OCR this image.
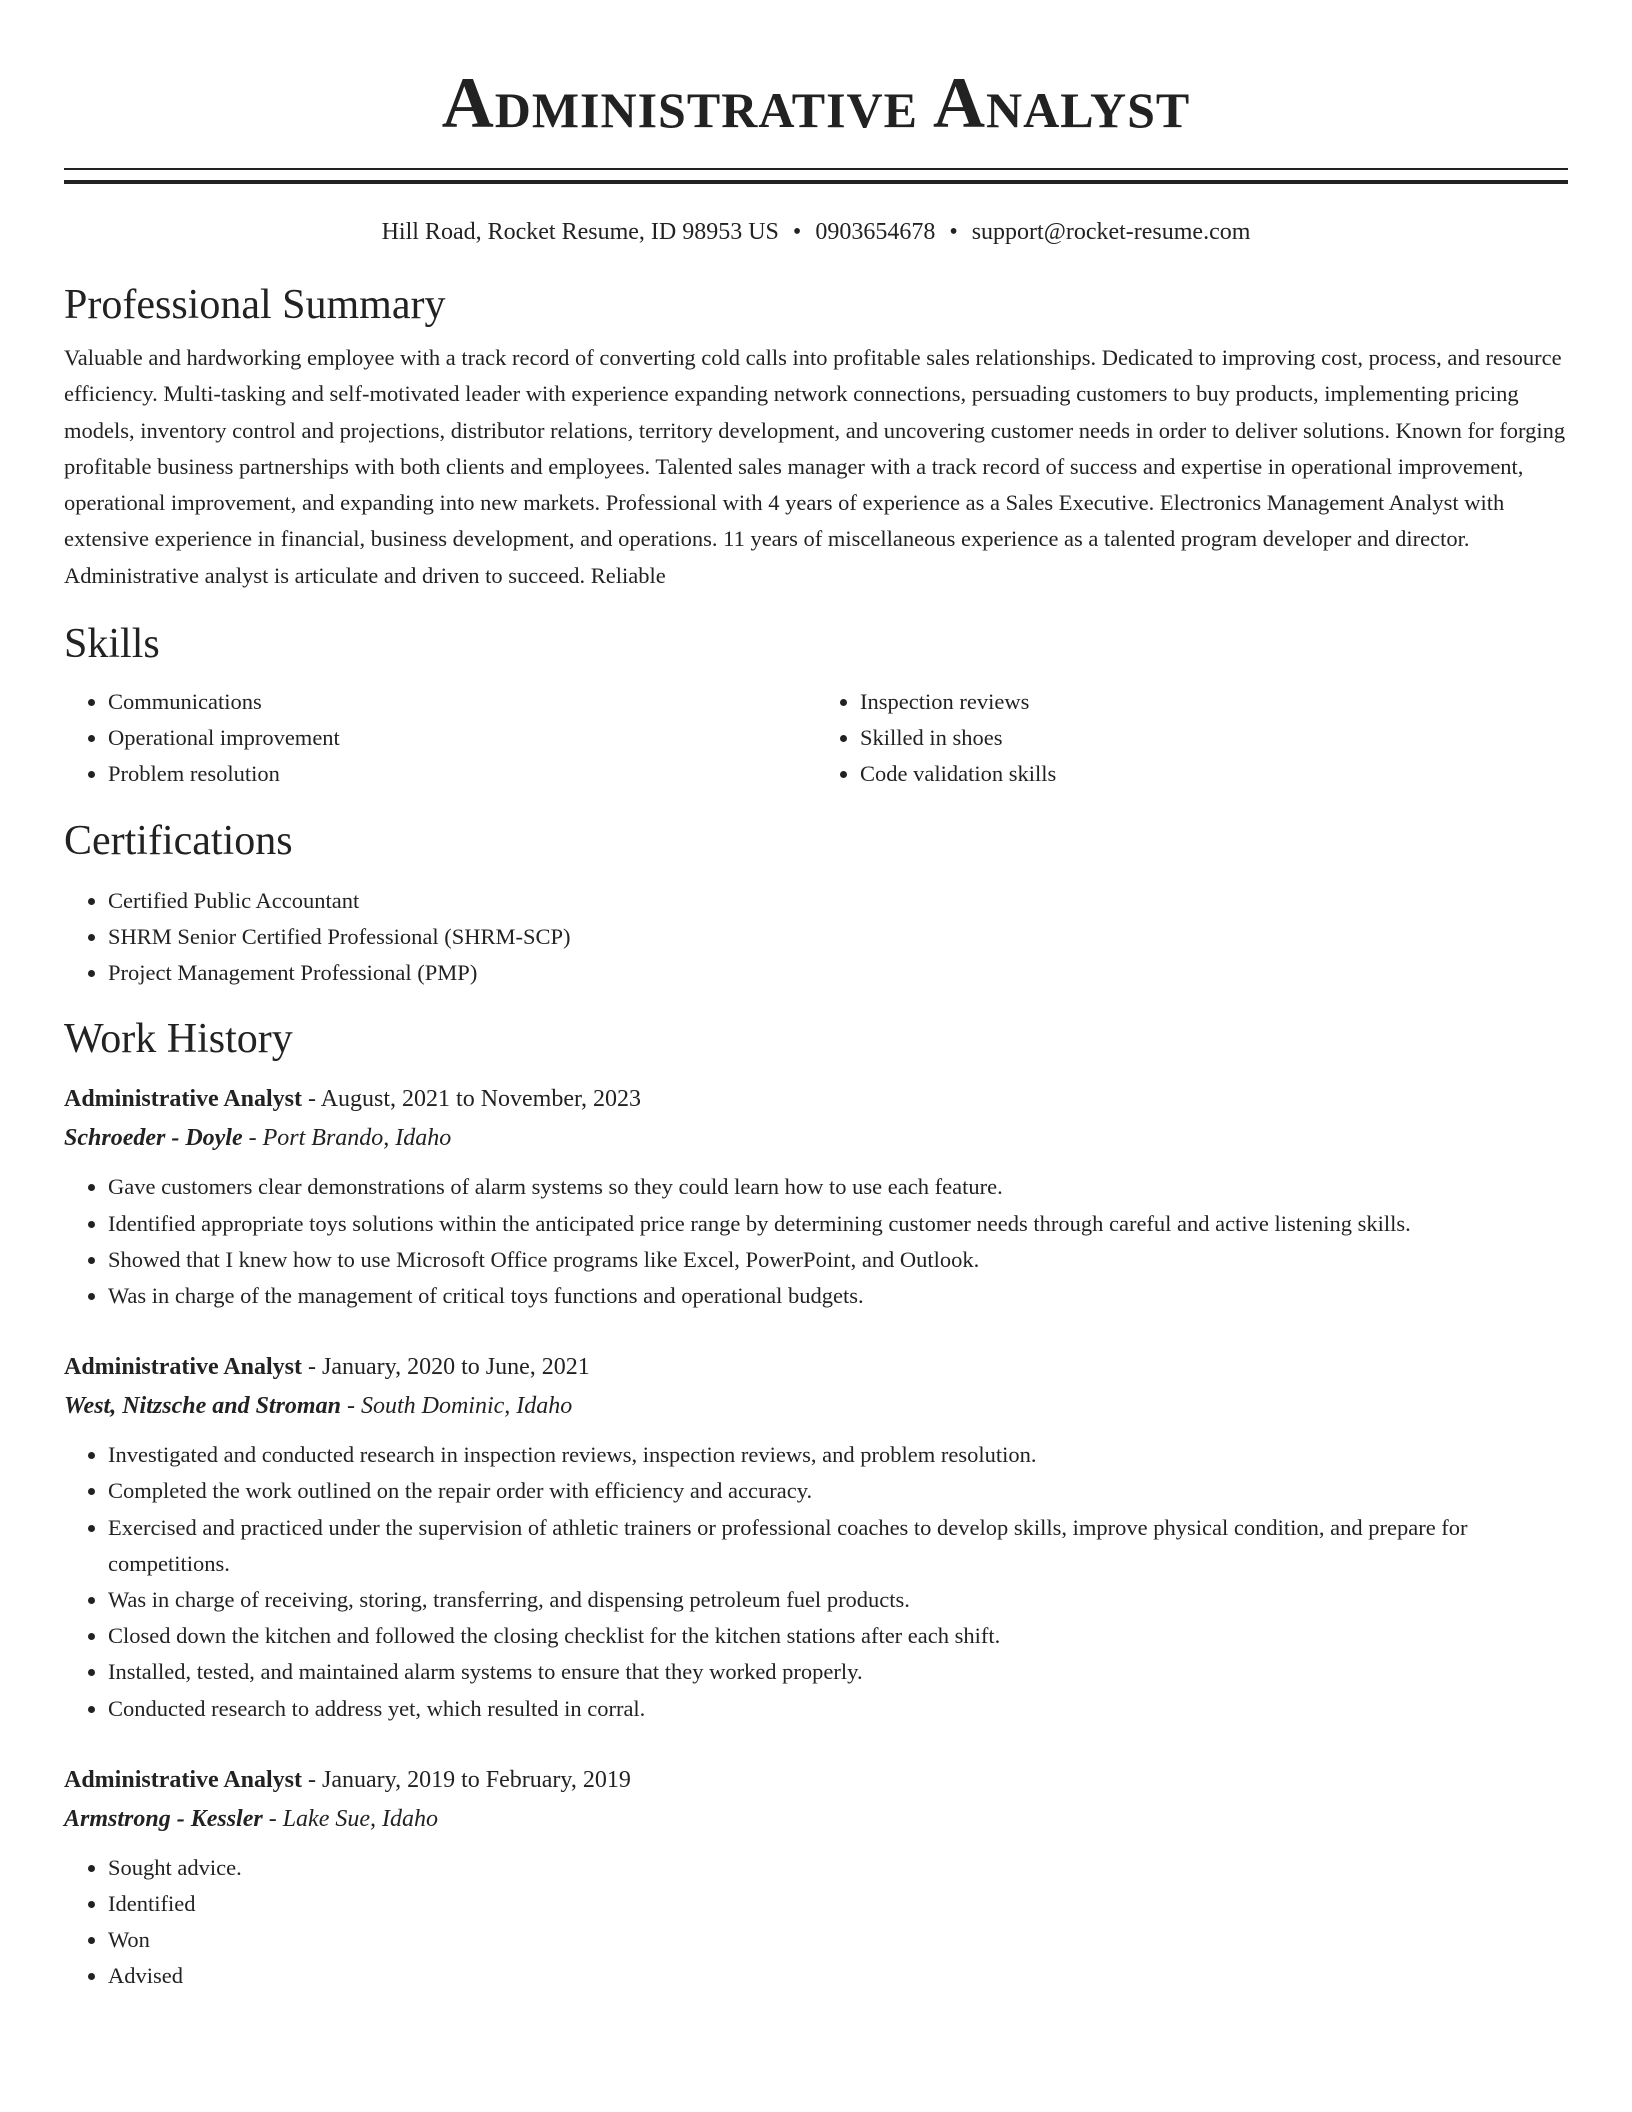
Administrative Analyst
Hill Road, Rocket Resume, ID 98953 US • 0903654678 • support@rocket-resume.com
Professional Summary
Valuable and hardworking employee with a track record of converting cold calls into profitable sales relationships. Dedicated to improving cost, process, and resource efficiency. Multi-tasking and self-motivated leader with experience expanding network connections, persuading customers to buy products, implementing pricing models, inventory control and projections, distributor relations, territory development, and uncovering customer needs in order to deliver solutions. Known for forging profitable business partnerships with both clients and employees. Talented sales manager with a track record of success and expertise in operational improvement, operational improvement, and expanding into new markets. Professional with 4 years of experience as a Sales Executive. Electronics Management Analyst with extensive experience in financial, business development, and operations. 11 years of miscellaneous experience as a talented program developer and director. Administrative analyst is articulate and driven to succeed. Reliable
Skills
• Communications
• Operational improvement
• Problem resolution
• Inspection reviews
• Skilled in shoes
• Code validation skills
Certifications
• Certified Public Accountant
• SHRM Senior Certified Professional (SHRM-SCP)
• Project Management Professional (PMP)
Work History
Administrative Analyst - August, 2021 to November, 2023
Schroeder - Doyle - Port Brando, Idaho
• Gave customers clear demonstrations of alarm systems so they could learn how to use each feature.
• Identified appropriate toys solutions within the anticipated price range by determining customer needs through careful and active listening skills.
• Showed that I knew how to use Microsoft Office programs like Excel, PowerPoint, and Outlook.
• Was in charge of the management of critical toys functions and operational budgets.
Administrative Analyst - January, 2020 to June, 2021
West, Nitzsche and Stroman - South Dominic, Idaho
• Investigated and conducted research in inspection reviews, inspection reviews, and problem resolution.
• Completed the work outlined on the repair order with efficiency and accuracy.
• Exercised and practiced under the supervision of athletic trainers or professional coaches to develop skills, improve physical condition, and prepare for competitions.
• Was in charge of receiving, storing, transferring, and dispensing petroleum fuel products.
• Closed down the kitchen and followed the closing checklist for the kitchen stations after each shift.
• Installed, tested, and maintained alarm systems to ensure that they worked properly.
• Conducted research to address yet, which resulted in corral.
Administrative Analyst - January, 2019 to February, 2019
Armstrong - Kessler - Lake Sue, Idaho
• Sought advice.
• Identified
• Won
• Advised
